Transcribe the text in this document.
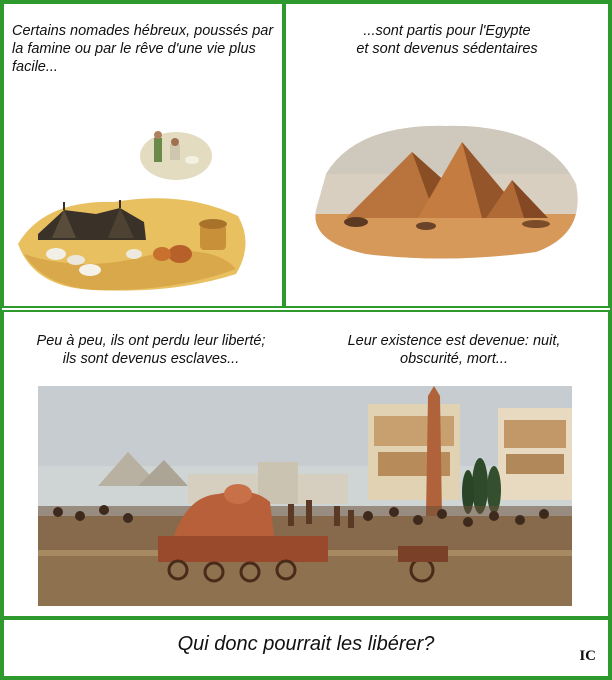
Certains nomades hébreux, poussés par la famine ou par le rêve d'une vie plus facile...
...sont partis pour l'Egypte
et sont devenus sédentaires
Peu à peu, ils ont perdu leur liberté;
ils sont devenus esclaves...
Leur existence est devenue: nuit,
obscurité, mort...
Qui donc pourrait les libérer?
IC
